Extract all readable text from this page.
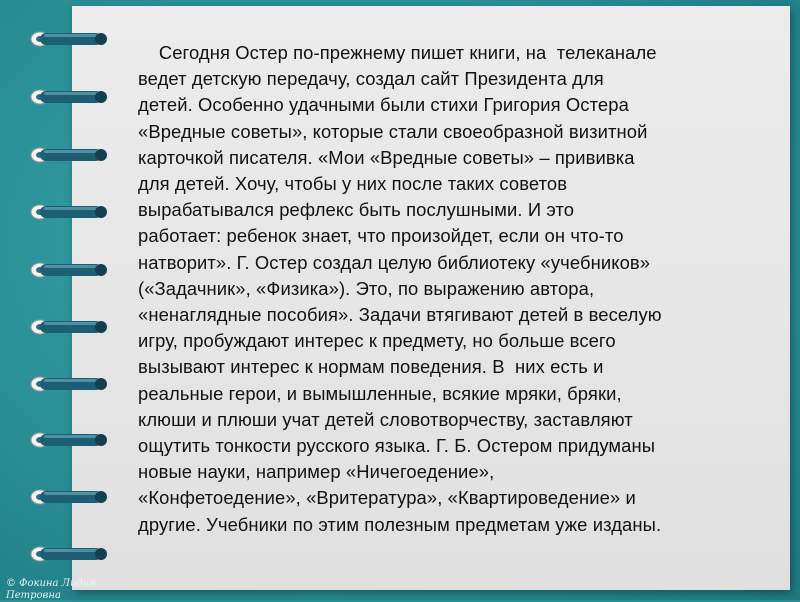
Сегодня Остер по-прежнему пишет книги, на  телеканале
ведет детскую передачу, создал сайт Президента для
детей. Особенно удачными были стихи Григория Остера
«Вредные советы», которые стали своеобразной визитной
карточкой писателя. «Мои «Вредные советы» – прививка
для детей. Хочу, чтобы у них после таких советов
вырабатывался рефлекс быть послушными. И это
работает: ребенок знает, что произойдет, если он что-то
натворит». Г. Остер создал целую библиотеку «учебников»
(«Задачник», «Физика»). Это, по выражению автора,
«ненаглядные пособия». Задачи втягивают детей в веселую
игру, пробуждают интерес к предмету, но больше всего
вызывают интерес к нормам поведения. В  них есть и
реальные герои, и вымышленные, всякие мряки, бряки,
клюши и плюши учат детей словотворчеству, заставляют
ощутить тонкости русского языка. Г. Б. Остером придуманы
новые науки, например «Ничегоедение»,
«Конфетоедение», «Вритература», «Квартироведение» и
другие. Учебники по этим полезным предметам уже изданы.
© Фокина Лидия
Петровна
